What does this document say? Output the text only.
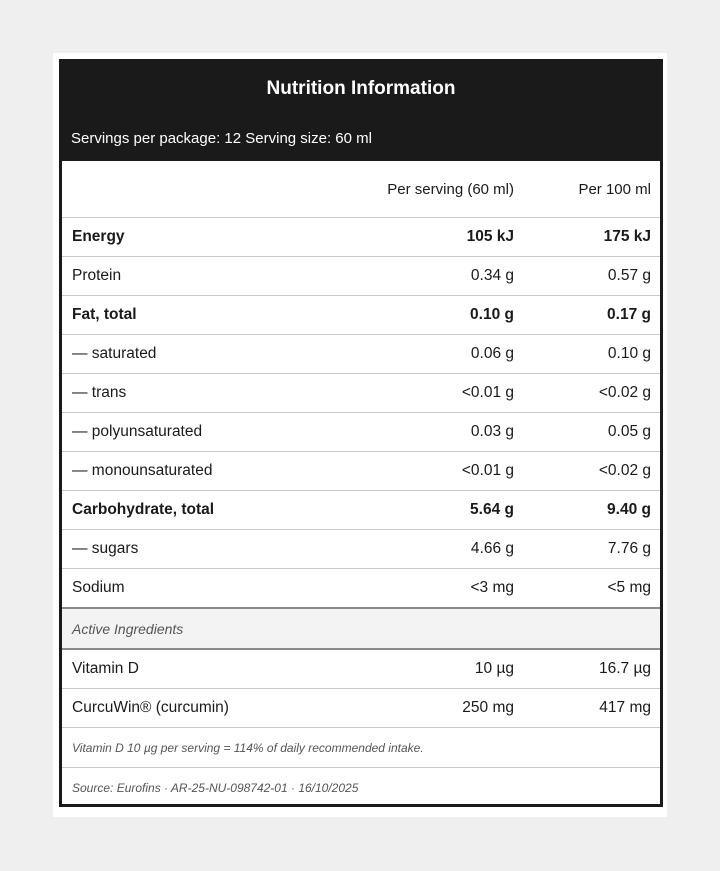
Nutrition Information
Servings per package: 12 Serving size: 60 ml
	Per serving (60 ml)	Per 100 ml
Energy	105 kJ	175 kJ
Protein	0.34 g	0.57 g
Fat, total	0.10 g	0.17 g
— saturated	0.06 g	0.10 g
— trans	<0.01 g	<0.02 g
— polyunsaturated	0.03 g	0.05 g
— monounsaturated	<0.01 g	<0.02 g
Carbohydrate, total	5.64 g	9.40 g
— sugars	4.66 g	7.76 g
Sodium	<3 mg	<5 mg
Active Ingredients		
Vitamin D	10 µg	16.7 µg
CurcuWin® (curcumin)	250 mg	417 mg
Vitamin D 10 µg per serving = 114% of daily recommended intake.		
Source: Eurofins · AR-25-NU-098742-01 · 16/10/2025		
